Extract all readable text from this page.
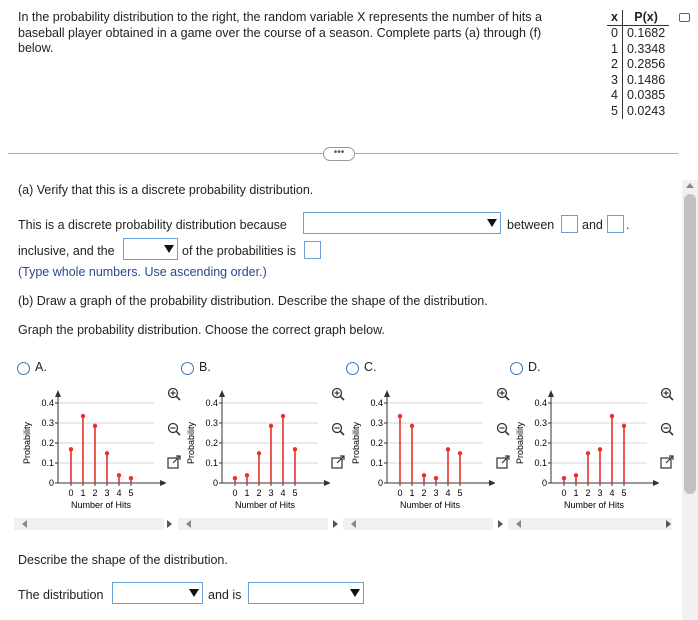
In the probability distribution to the right, the random variable X represents the number of hits a
baseball player obtained in a game over the course of a season. Complete parts (a) through (f)
below.
x	P(x)
0	0.1682
1	0.3348
2	0.2856
3	0.1486
4	0.0385
5	0.0243
•••
(a) Verify that this is a discrete probability distribution.
This is a discrete probability distribution because	between and .
inclusive, and the	of the probabilities is
(Type whole numbers. Use ascending order.)
(b) Draw a graph of the probability distribution. Describe the shape of the distribution.
Graph the probability distribution. Choose the correct graph below.
A.
0.4
0.3
0.2
0.1
0
0 1 2 3 4 5
Probability
Number of Hits
B.
0.4
0.3
0.2
0.1
0
0 1 2 3 4 5
Probability
Number of Hits
C.
0.4
0.3
0.2
0.1
0
0 1 2 3 4 5
Probability
Number of Hits
D.
0.4
0.3
0.2
0.1
0
0 1 2 3 4 5
Probability
Number of Hits
Describe the shape of the distribution.
The distribution	and is
